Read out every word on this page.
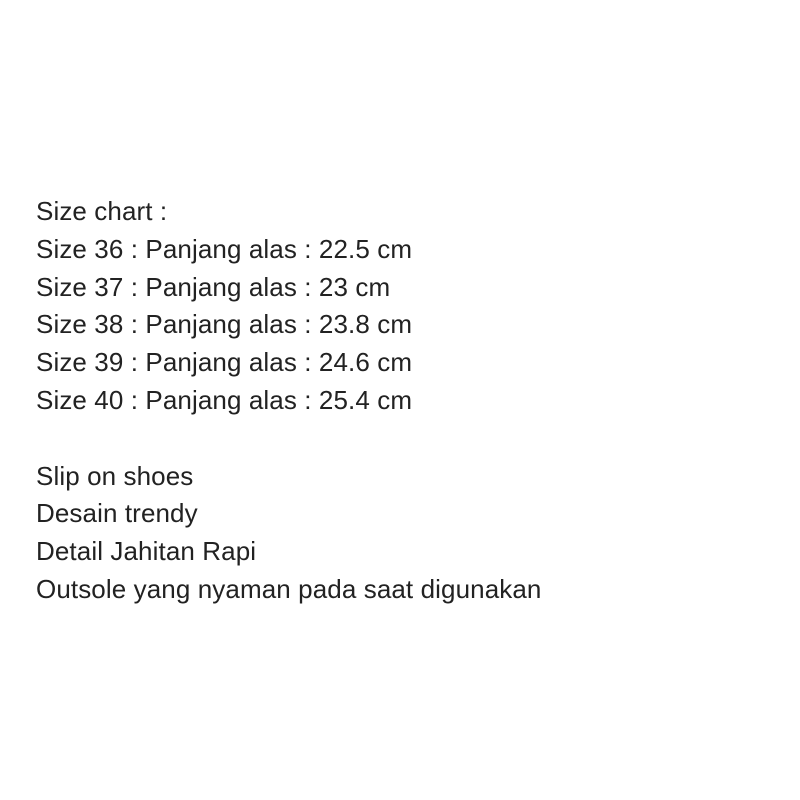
Size chart :
Size 36 : Panjang alas : 22.5 cm
Size 37 : Panjang alas : 23 cm
Size 38 : Panjang alas : 23.8 cm
Size 39 : Panjang alas : 24.6 cm
Size 40 : Panjang alas : 25.4 cm
Slip on shoes
Desain trendy
Detail Jahitan Rapi
Outsole yang nyaman pada saat digunakan
